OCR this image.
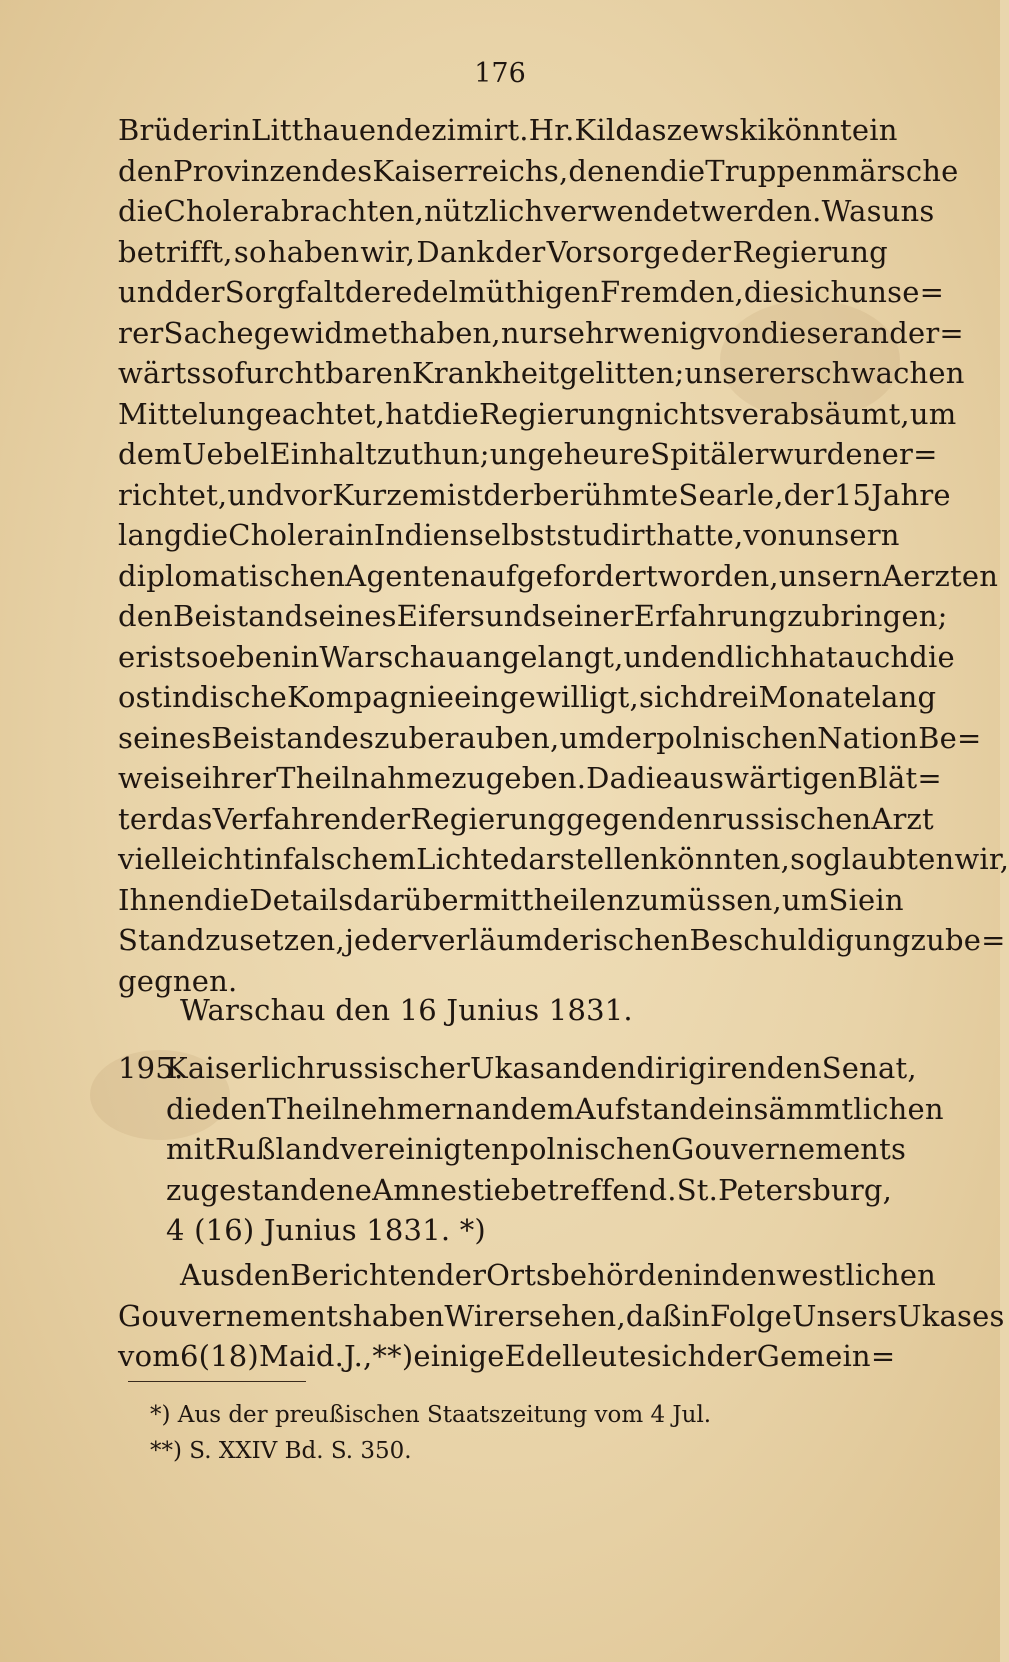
176
Brüder in Litthauen dezimirt. Hr. Kildaszewski könnte in
den Provinzen des Kaiserreichs, denen die Truppenmärsche
die Cholera brachten, nützlich verwendet werden. Was uns
betrifft, so haben wir, Dank der Vorsorge der Regierung
und der Sorgfalt der edelmüthigen Fremden, die sich unse=
rer Sache gewidmet haben, nur sehr wenig von dieser ander=
wärts so furchtbaren Krankheit gelitten; unserer schwachen
Mittel ungeachtet, hat die Regierung nichts verabsäumt, um
dem Uebel Einhalt zu thun; ungeheure Spitäler wurden er=
richtet, und vor Kurzem ist der berühmte Searle, der 15 Jahre
lang die Cholera in Indien selbst studirt hatte, von unsern
diplomatischen Agenten aufgefordert worden, unsern Aerzten
den Beistand seines Eifers und seiner Erfahrung zu bringen;
er ist so eben in Warschau angelangt, und endlich hat auch die
ostindische Kompagnie eingewilligt, sich drei Monate lang
seines Beistandes zu berauben, um der polnischen Nation Be=
weise ihrer Theilnahme zu geben. Da die auswärtigen Blät=
ter das Verfahren der Regierung gegen den russischen Arzt
vielleicht in falschem Lichte darstellen könnten, so glaubten wir,
Ihnen die Details darüber mittheilen zu müssen, um Sie in
Stand zu setzen, jeder verläumderischen Beschuldigung zu be=
gegnen.
Warschau den 16 Junius 1831.
195.
Kaiserlich russischer Ukas an den dirigirenden Senat,
die den Theilnehmern an dem Aufstande in sämmtlichen
mit Rußland vereinigten polnischen Gouvernements
zugestandene Amnestie betreffend. St. Petersburg,
4 (16) Junius 1831. *)
Aus den Berichten der Ortsbehörden in den westlichen
Gouvernements haben Wir ersehen, daß in Folge Unsers Ukases
vom 6 (18) Mai d. J., **) einige Edelleute sich der Gemein=
*) Aus der preußischen Staatszeitung vom 4 Jul.
**) S. XXIV Bd. S. 350.
